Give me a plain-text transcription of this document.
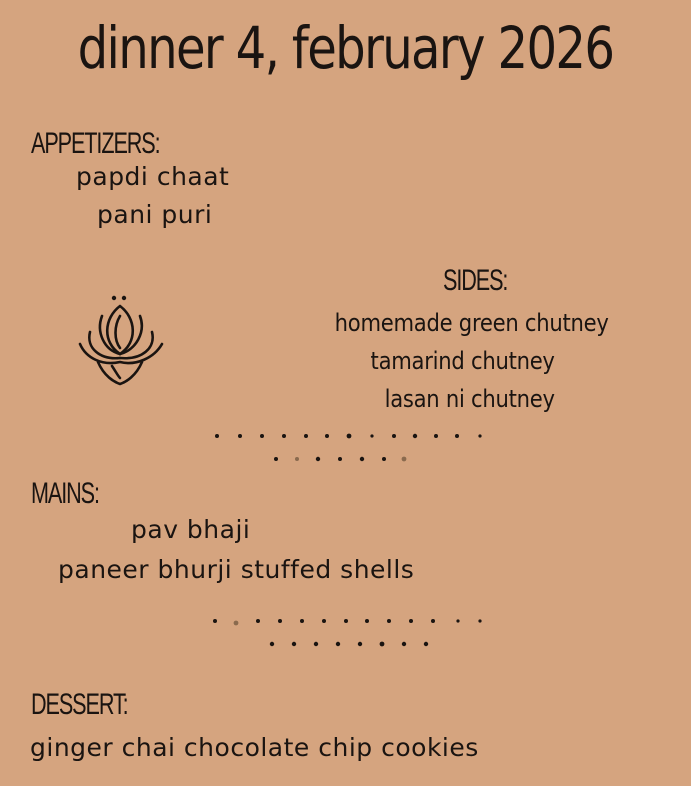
dinner 4, february 2026
APPETIZERS:
papdi chaat
pani puri
SIDES:
homemade green chutney
tamarind chutney
lasan ni chutney
MAINS:
pav bhaji
paneer bhurji stuffed shells
DESSERT:
ginger chai chocolate chip cookies
